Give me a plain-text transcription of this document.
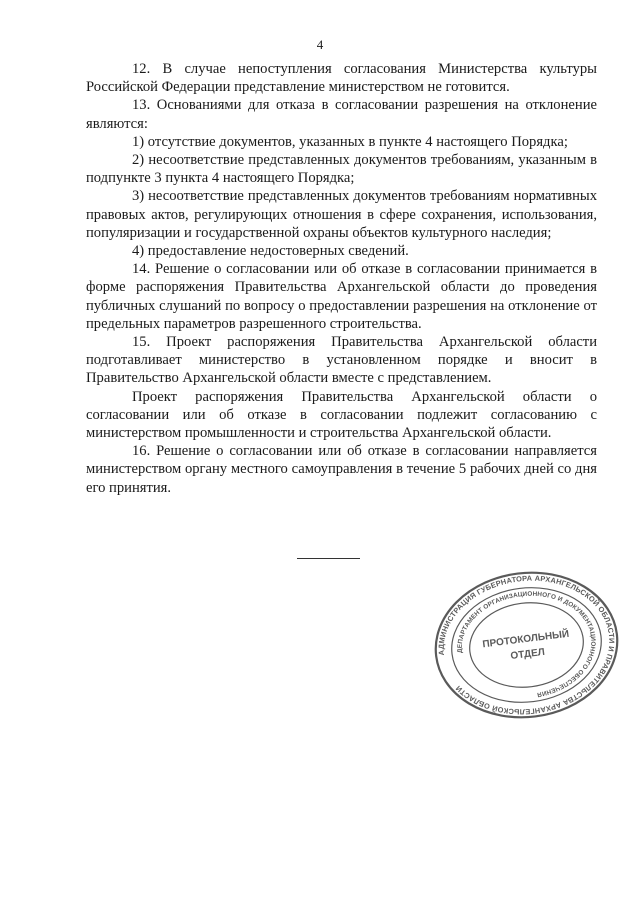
4

12. В случае непоступления согласования Министерства культуры Российской Федерации представление министерством не готовится.

13. Основаниями для отказа в согласовании разрешения на отклонение являются:

1) отсутствие документов, указанных в пункте 4 настоящего Порядка;

2) несоответствие представленных документов требованиям, указанным в подпункте 3 пункта 4 настоящего Порядка;

3) несоответствие представленных документов требованиям нормативных правовых актов, регулирующих отношения в сфере сохранения, использования, популяризации и государственной охраны объектов культурного наследия;

4) предоставление недостоверных сведений.

14. Решение о согласовании или об отказе в согласовании принимается в форме распоряжения Правительства Архангельской области до проведения публичных слушаний по вопросу о предоставлении разрешения на отклонение от предельных параметров разрешенного строительства.

15. Проект распоряжения Правительства Архангельской области подготавливает министерство в установленном порядке и вносит в Правительство Архангельской области вместе с представлением.

Проект распоряжения Правительства Архангельской области о согласовании или об отказе в согласовании подлежит согласованию с министерством промышленности и строительства Архангельской области.

16. Решение о согласовании или об отказе в согласовании направляется министерством органу местного самоуправления в течение 5 рабочих дней со дня его принятия.

АДМИНИСТРАЦИЯ ГУБЕРНАТОРА АРХАНГЕЛЬСКОЙ ОБЛАСТИ И ПРАВИТЕЛЬСТВА АРХАНГЕЛЬСКОЙ ОБЛАСТИ
ДЕПАРТАМЕНТ ОРГАНИЗАЦИОННОГО И ДОКУМЕНТАЦИОННОГО ОБЕСПЕЧЕНИЯ
ПРОТОКОЛЬНЫЙ
ОТДЕЛ
